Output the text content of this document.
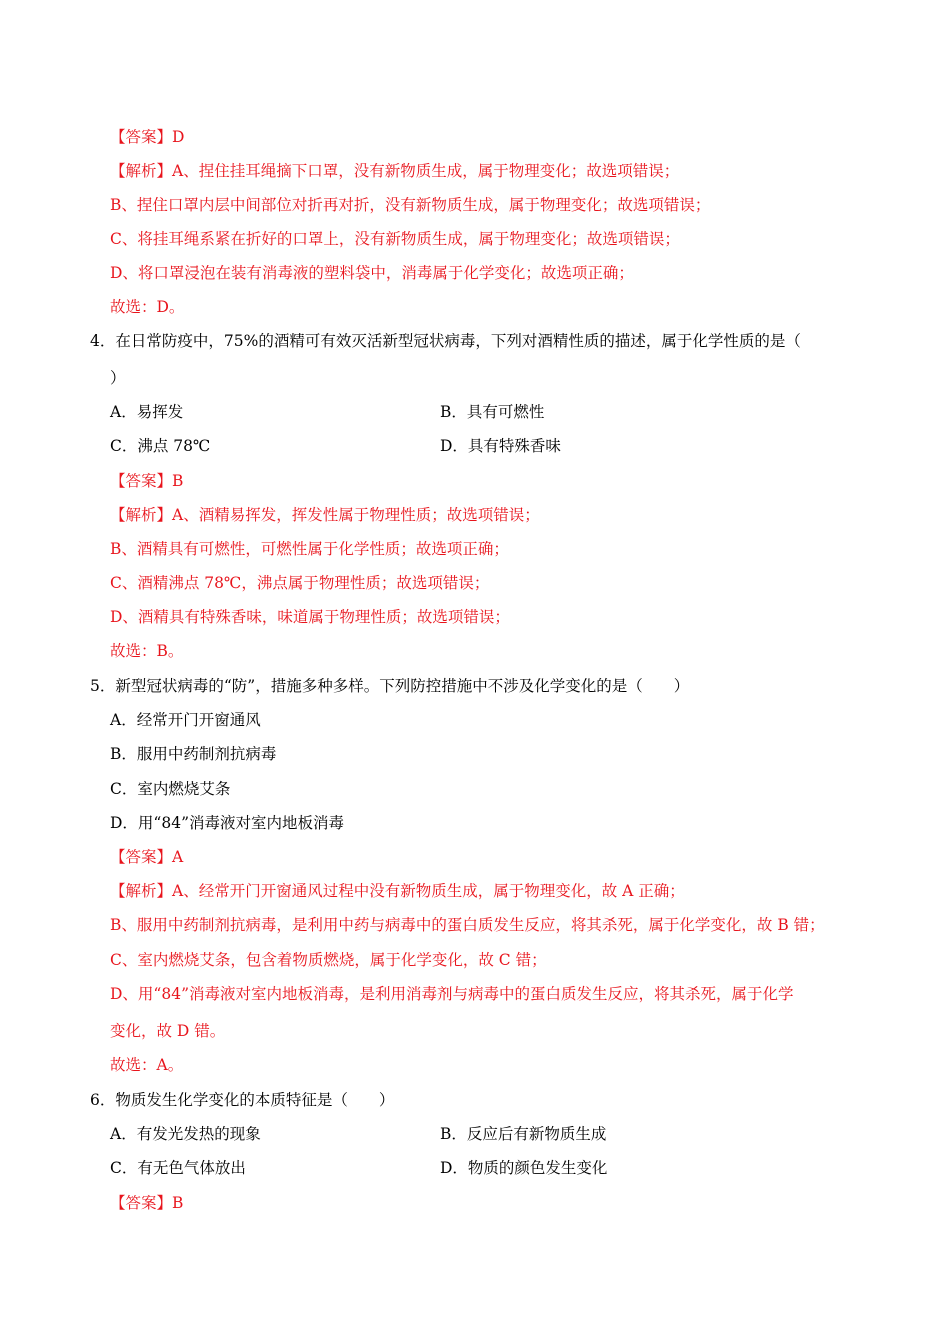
【答案】D
【解析】A、捏住挂耳绳摘下口罩，没有新物质生成，属于物理变化；故选项错误；
B、捏住口罩内层中间部位对折再对折，没有新物质生成，属于物理变化；故选项错误；
C、将挂耳绳系紧在折好的口罩上，没有新物质生成，属于物理变化；故选项错误；
D、将口罩浸泡在装有消毒液的塑料袋中，消毒属于化学变化；故选项正确；
故选：D。
4．在日常防疫中，75%的酒精可有效灭活新型冠状病毒，下列对酒精性质的描述，属于化学性质的是（
）
A．易挥发	B．具有可燃性
C．沸点 78℃	D．具有特殊香味
【答案】B
【解析】A、酒精易挥发，挥发性属于物理性质；故选项错误；
B、酒精具有可燃性，可燃性属于化学性质；故选项正确；
C、酒精沸点 78℃，沸点属于物理性质；故选项错误；
D、酒精具有特殊香味，味道属于物理性质；故选项错误；
故选：B。
5．新型冠状病毒的“防”，措施多种多样。下列防控措施中不涉及化学变化的是（　　）
A．经常开门开窗通风
B．服用中药制剂抗病毒
C．室内燃烧艾条
D．用“84”消毒液对室内地板消毒
【答案】A
【解析】A、经常开门开窗通风过程中没有新物质生成，属于物理变化，故 A 正确；
B、服用中药制剂抗病毒，是利用中药与病毒中的蛋白质发生反应，将其杀死，属于化学变化，故 B 错；
C、室内燃烧艾条，包含着物质燃烧，属于化学变化，故 C 错；
D、用“84”消毒液对室内地板消毒，是利用消毒剂与病毒中的蛋白质发生反应，将其杀死，属于化学
变化，故 D 错。
故选：A。
6．物质发生化学变化的本质特征是（　　）
A．有发光发热的现象	B．反应后有新物质生成
C．有无色气体放出	D．物质的颜色发生变化
【答案】B
